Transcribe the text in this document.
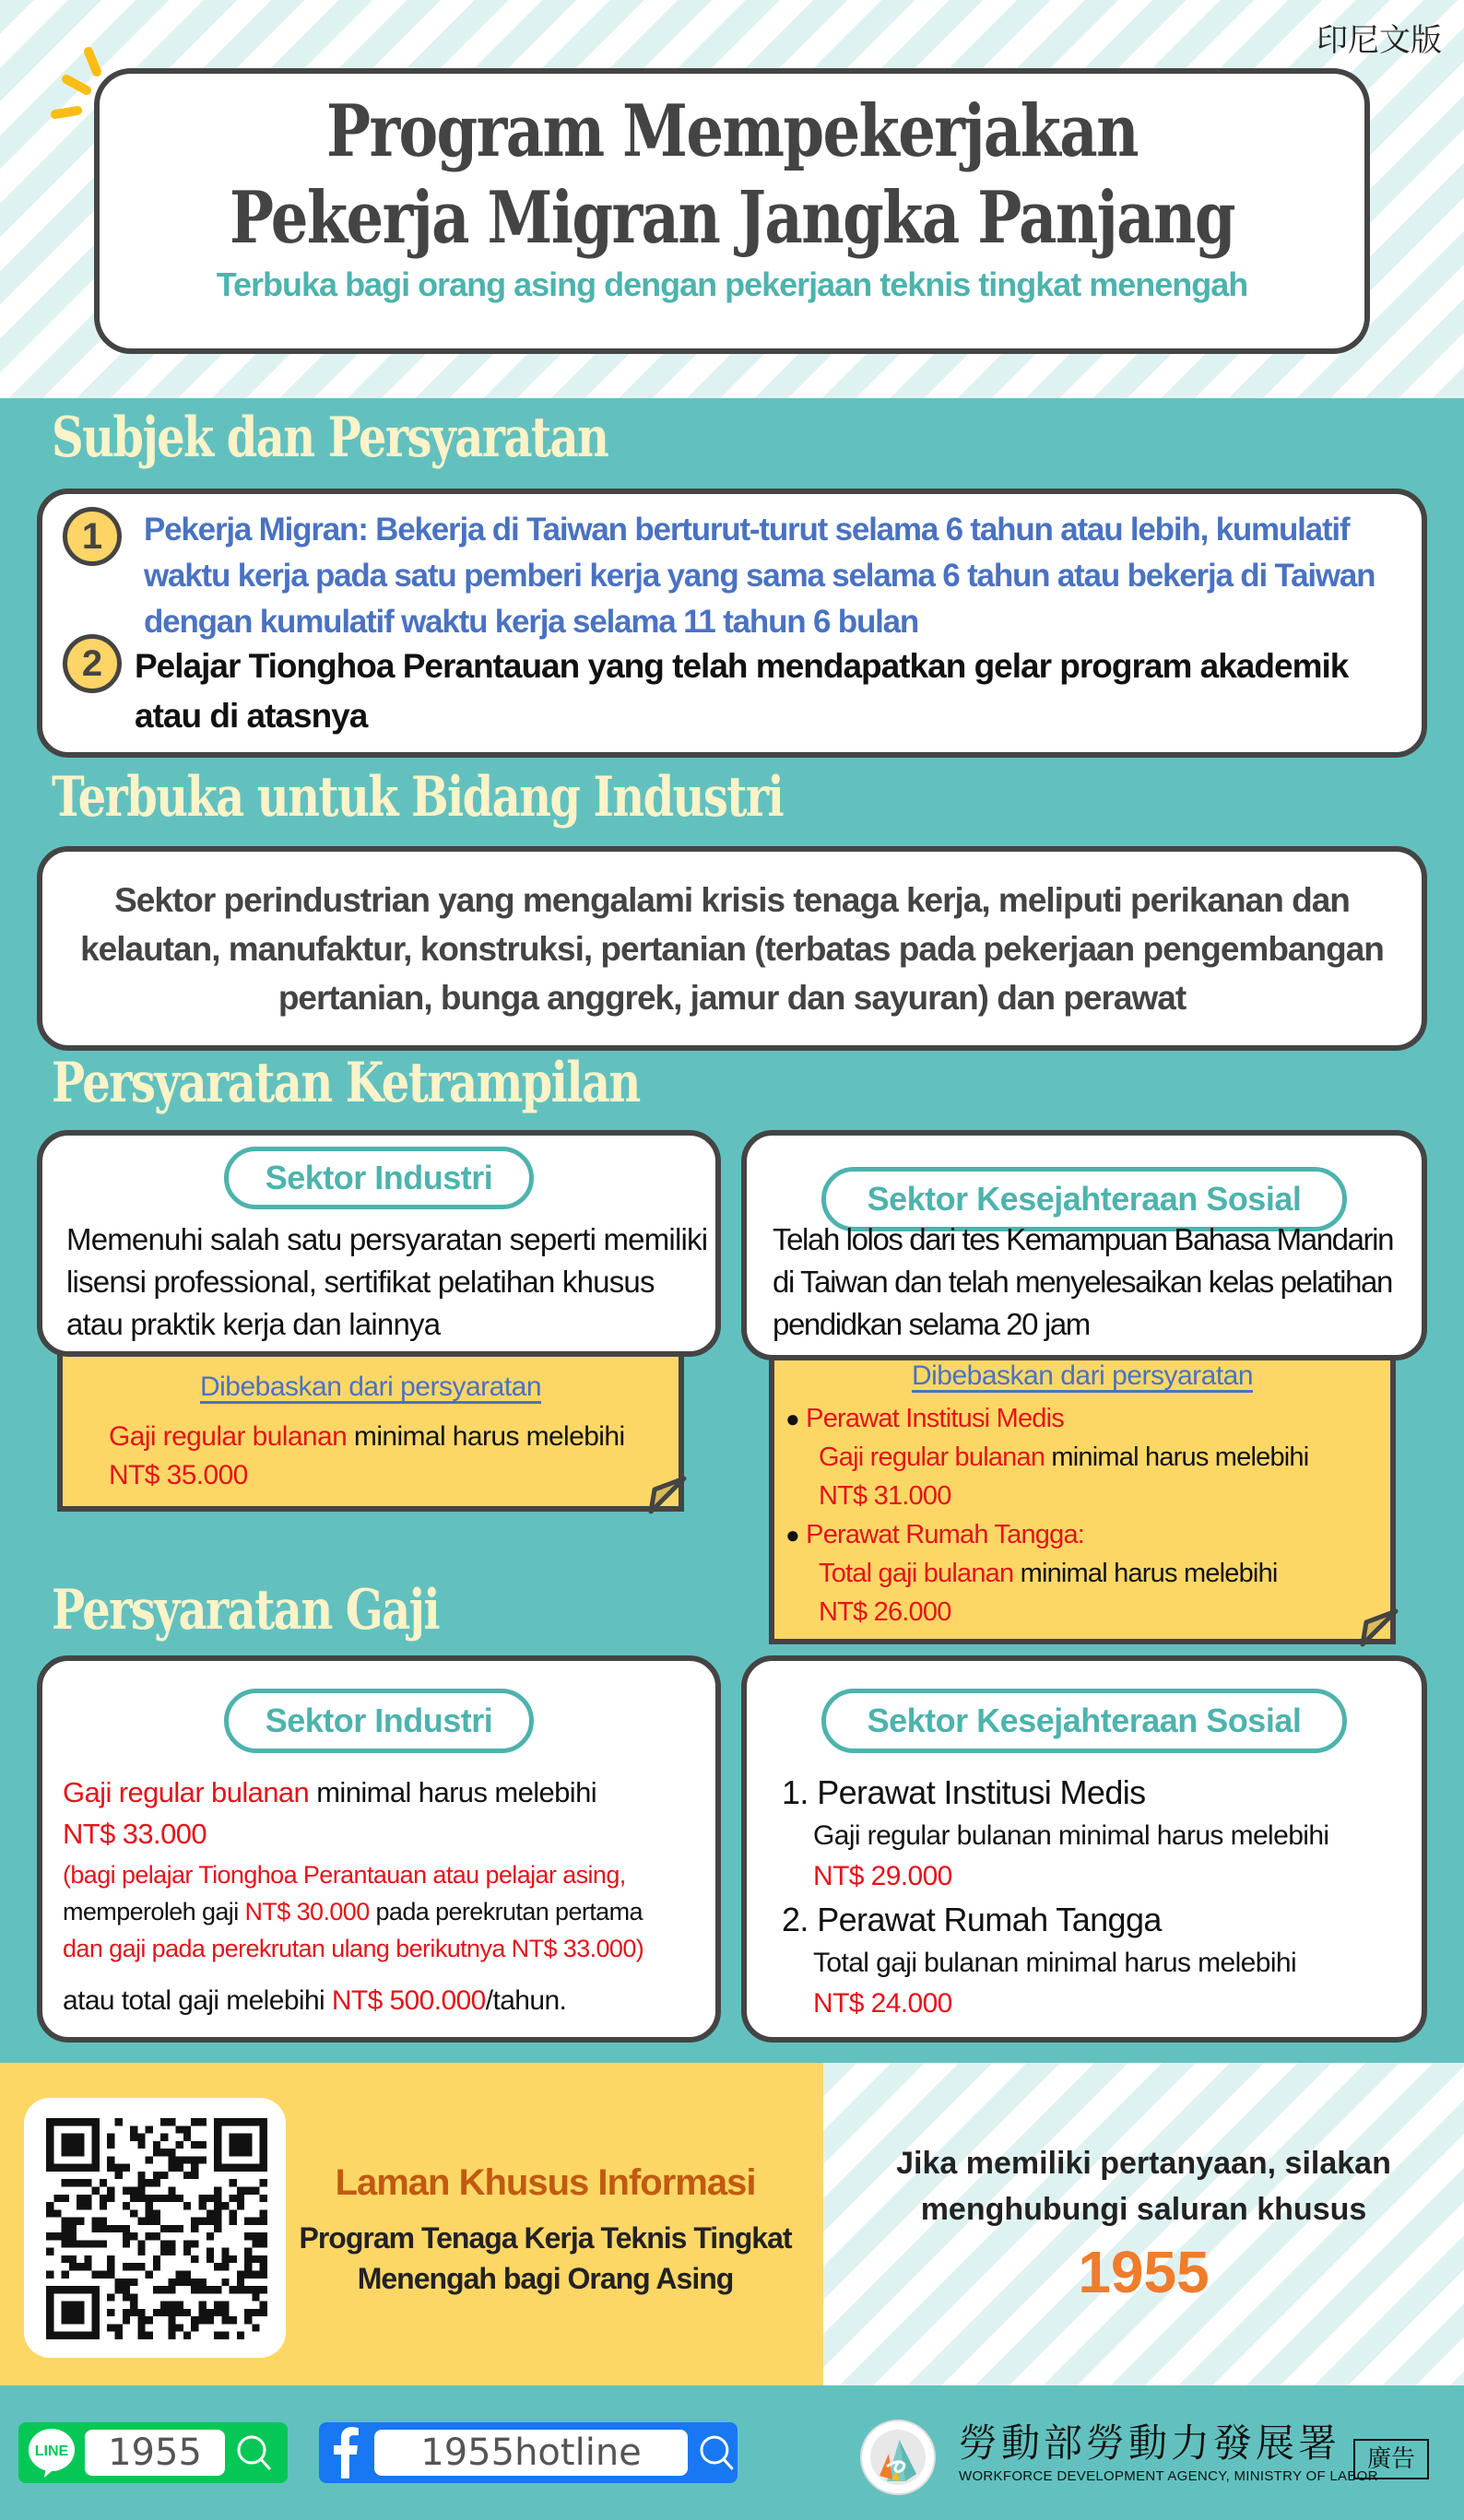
印尼文版
Program Mempekerjakan
Pekerja Migran Jangka Panjang
Terbuka bagi orang asing dengan pekerjaan teknis tingkat menengah
Subjek dan Persyaratan
1	Pekerja Migran: Bekerja di Taiwan berturut-turut selama 6 tahun atau lebih, kumulatif waktu kerja pada satu pemberi kerja yang sama selama 6 tahun atau bekerja di Taiwan dengan kumulatif waktu kerja selama 11 tahun 6 bulan
2 Pelajar Tionghoa Perantauan yang telah mendapatkan gelar program akademik atau di atasnya
Terbuka untuk Bidang Industri
Sektor perindustrian yang mengalami krisis tenaga kerja, meliputi perikanan dan kelautan, manufaktur, konstruksi, pertanian (terbatas pada pekerjaan pengembangan pertanian, bunga anggrek, jamur dan sayuran) dan perawat
Persyaratan Ketrampilan
Dibebaskan dari persyaratan
Gaji regular bulanan minimal harus melebihi
NT$ 35.000
Sektor Industri
Memenuhi salah satu persyaratan seperti memiliki lisensi professional, sertifikat pelatihan khusus atau praktik kerja dan lainnya
Dibebaskan dari persyaratan
● Perawat Institusi Medis
Gaji regular bulanan minimal harus melebihi
NT$ 31.000
● Perawat Rumah Tangga:
Total gaji bulanan minimal harus melebihi
NT$ 26.000
Sektor Kesejahteraan Sosial
Telah lolos dari tes Kemampuan Bahasa Mandarin di Taiwan dan telah menyelesaikan kelas pelatihan pendidkan selama 20 jam
Persyaratan Gaji
Sektor Industri
Gaji regular bulanan minimal harus melebihi
NT$ 33.000
(bagi pelajar Tionghoa Perantauan atau pelajar asing,
memperoleh gaji NT$ 30.000 pada perekrutan pertama
dan gaji pada perekrutan ulang berikutnya NT$ 33.000)
atau total gaji melebihi NT$ 500.000/tahun.
Sektor Kesejahteraan Sosial
1. Perawat Institusi Medis
Gaji regular bulanan minimal harus melebihi
NT$ 29.000
2. Perawat Rumah Tangga
Total gaji bulanan minimal harus melebihi
NT$ 24.000
Laman Khusus Informasi
Program Tenaga Kerja Teknis Tingkat Menengah bagi Orang Asing
Jika memiliki pertanyaan, silakan menghubungi saluran khusus
1955
LINE	1955	1955hotline	勞動部勞動力發展署
WORKFORCE DEVELOPMENT AGENCY, MINISTRY OF LABOR
廣告
